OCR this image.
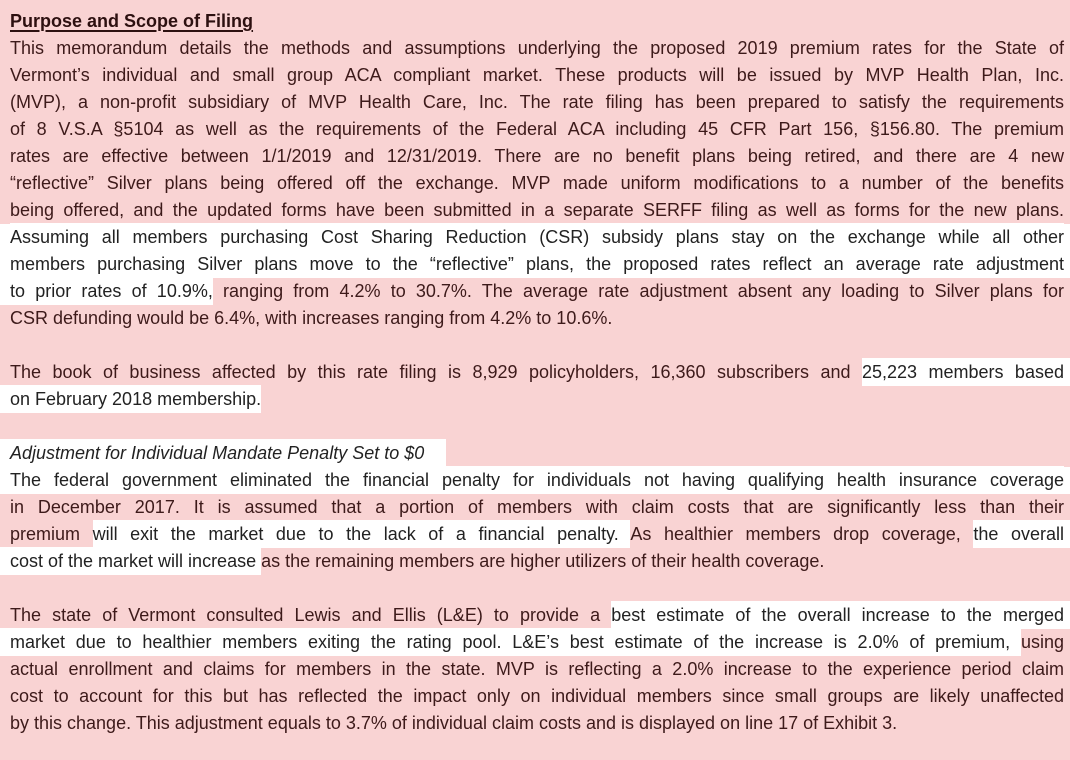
Purpose and Scope of Filing
This memorandum details the methods and assumptions underlying the proposed 2019 premium rates for the State of
Vermont’s individual and small group ACA compliant market. These products will be issued by MVP Health Plan, Inc.
(MVP), a non-profit subsidiary of MVP Health Care, Inc. The rate filing has been prepared to satisfy the requirements
of 8 V.S.A §5104 as well as the requirements of the Federal ACA including 45 CFR Part 156, §156.80. The premium
rates are effective between 1/1/2019 and 12/31/2019. There are no benefit plans being retired, and there are 4 new
“reflective” Silver plans being offered off the exchange. MVP made uniform modifications to a number of the benefits
being offered, and the updated forms have been submitted in a separate SERFF filing as well as forms for the new plans.
Assuming all members purchasing Cost Sharing Reduction (CSR) subsidy plans stay on the exchange while all other
members purchasing Silver plans move to the “reflective” plans, the proposed rates reflect an average rate adjustment
to prior rates of 10.9%, ranging from 4.2% to 30.7%. The average rate adjustment absent any loading to Silver plans for
CSR defunding would be 6.4%, with increases ranging from 4.2% to 10.6%.
The book of business affected by this rate filing is 8,929 policyholders, 16,360 subscribers and 25,223 members based
on February 2018 membership.
Adjustment for Individual Mandate Penalty Set to $0
The federal government eliminated the financial penalty for individuals not having qualifying health insurance coverage
in December 2017. It is assumed that a portion of members with claim costs that are significantly less than their
premium will exit the market due to the lack of a financial penalty. As healthier members drop coverage, the overall
cost of the market will increase as the remaining members are higher utilizers of their health coverage.
The state of Vermont consulted Lewis and Ellis (L&E) to provide a best estimate of the overall increase to the merged
market due to healthier members exiting the rating pool. L&E’s best estimate of the increase is 2.0% of premium, using
actual enrollment and claims for members in the state. MVP is reflecting a 2.0% increase to the experience period claim
cost to account for this but has reflected the impact only on individual members since small groups are likely unaffected
by this change. This adjustment equals to 3.7% of individual claim costs and is displayed on line 17 of Exhibit 3.
